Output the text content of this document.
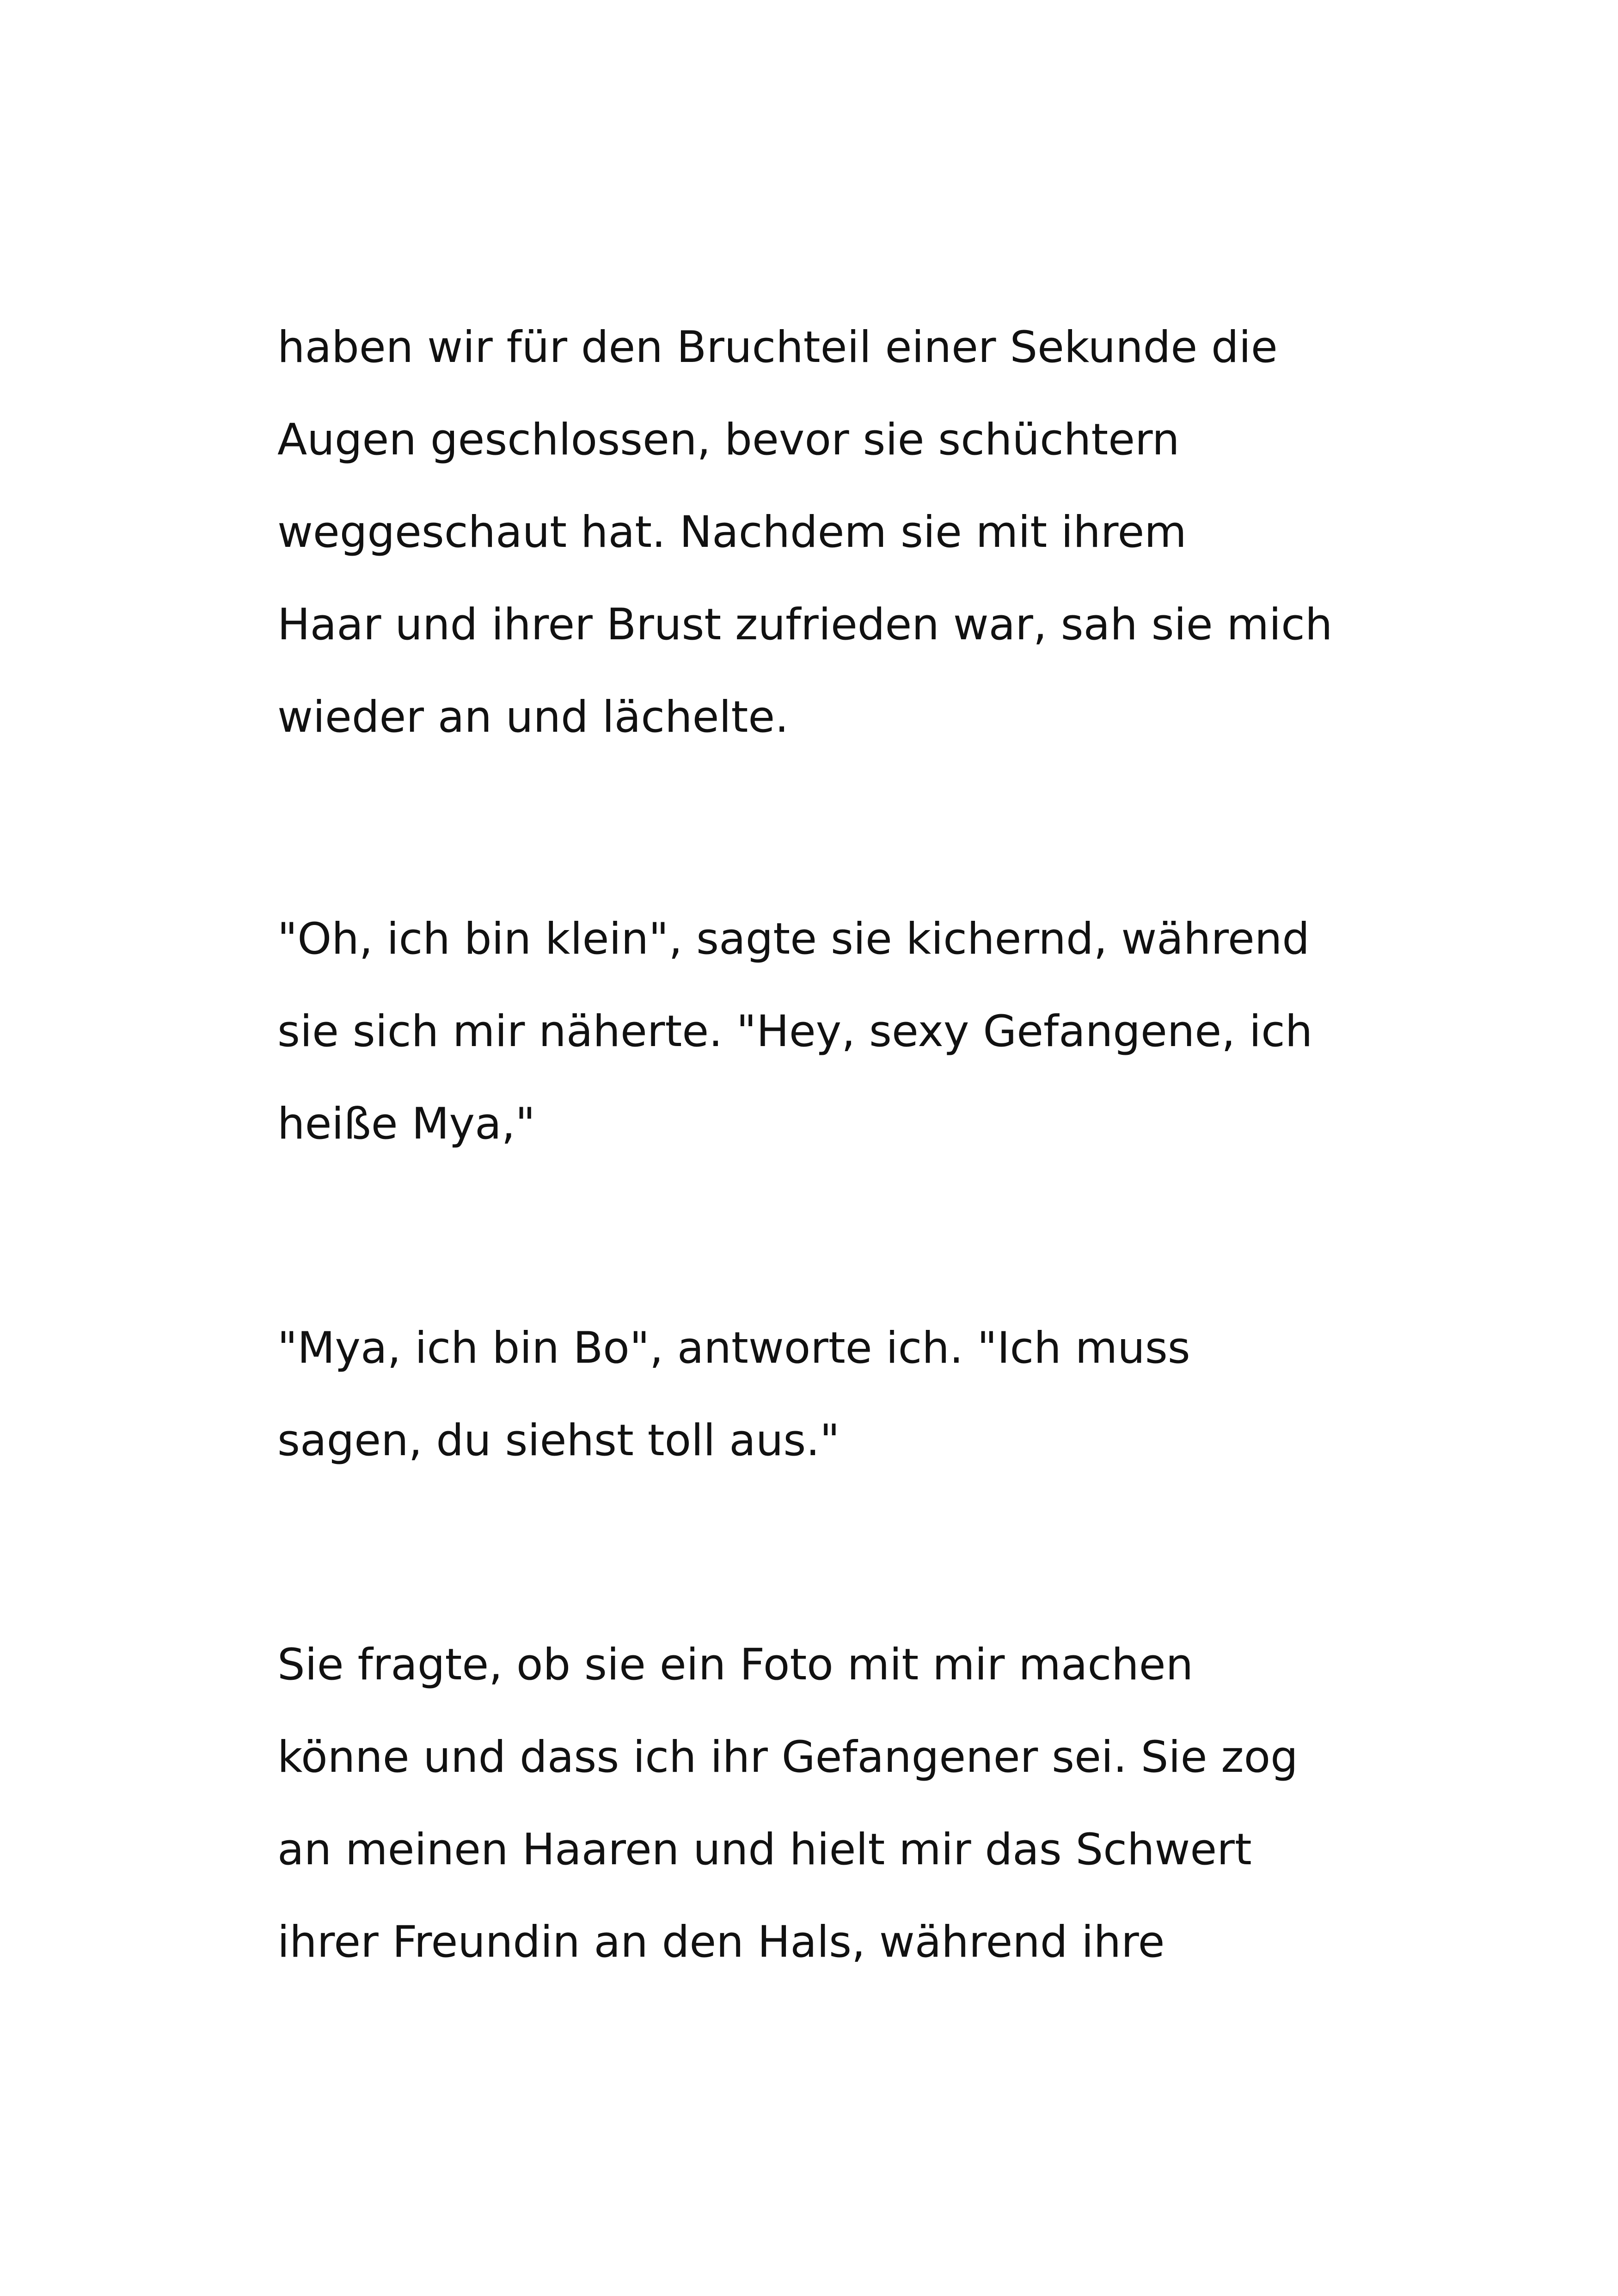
haben wir für den Bruchteil einer Sekunde die

Augen geschlossen, bevor sie schüchtern

weggeschaut hat. Nachdem sie mit ihrem

Haar und ihrer Brust zufrieden war, sah sie mich

wieder an und lächelte.

"Oh, ich bin klein", sagte sie kichernd, während

sie sich mir näherte. "Hey, sexy Gefangene, ich

heiße Mya,"

"Mya, ich bin Bo", antworte ich. "Ich muss

sagen, du siehst toll aus."

Sie fragte, ob sie ein Foto mit mir machen

könne und dass ich ihr Gefangener sei. Sie zog

an meinen Haaren und hielt mir das Schwert

ihrer Freundin an den Hals, während ihre
